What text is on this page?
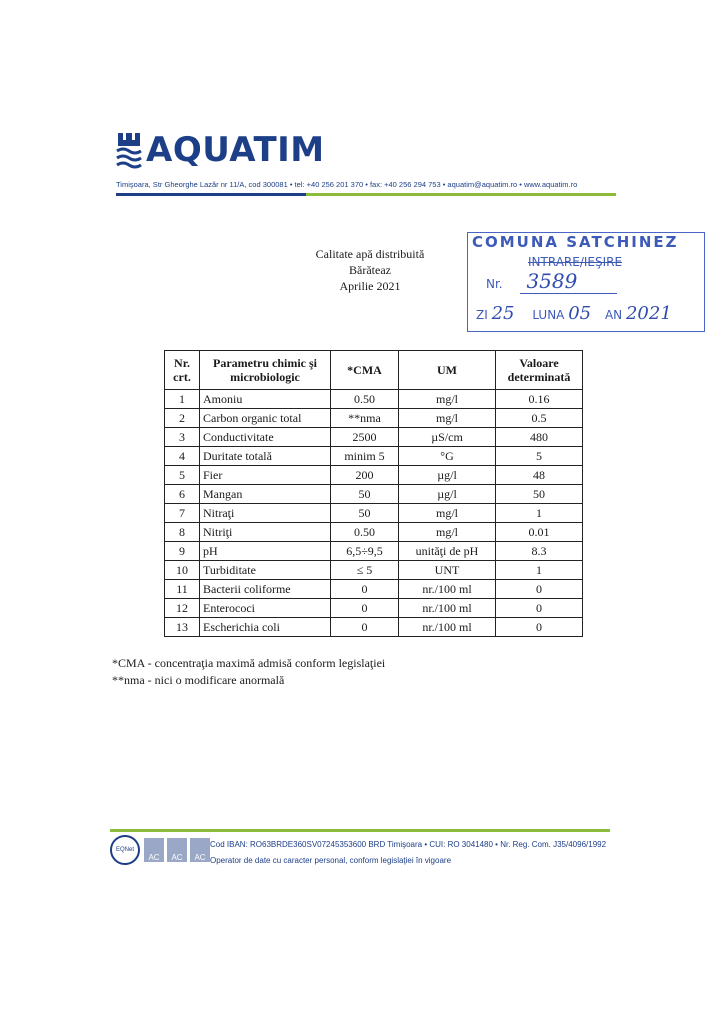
AQUATIM
Timişoara, Str Gheorghe Lazăr nr 11/A, cod 300081 • tel: +40 256 201 370 • fax: +40 256 294 753 • aquatim@aquatim.ro • www.aquatim.ro
Calitate apă distribuită
Bărăteaz
Aprilie 2021
COMUNA SATCHINEZ
INTRARE/IEŞIRE
Nr. 3589
ZI 25 LUNA 05 AN 2021
Nr. crt.	Parametru chimic şi microbiologic	*CMA	UM	Valoare determinată
1	Amoniu	0.50	mg/l	0.16
2	Carbon organic total	**nma	mg/l	0.5
3	Conductivitate	2500	µS/cm	480
4	Duritate totală	minim 5	°G	5
5	Fier	200	µg/l	48
6	Mangan	50	µg/l	50
7	Nitraţi	50	mg/l	1
8	Nitriţi	0.50	mg/l	0.01
9	pH	6,5÷9,5	unităţi de pH	8.3
10	Turbiditate	≤ 5	UNT	1
11	Bacterii coliforme	0	nr./100 ml	0
12	Enterococi	0	nr./100 ml	0
13	Escherichia coli	0	nr./100 ml	0
*CMA - concentraţia maximă admisă conform legislaţiei
**nma - nici o modificare anormală
EQNet
AC AC AC
Cod IBAN: RO63BRDE360SV07245353600 BRD Timişoara • CUI: RO 3041480 • Nr. Reg. Com. J35/4096/1992
Operator de date cu caracter personal, conform legislaţiei în vigoare
